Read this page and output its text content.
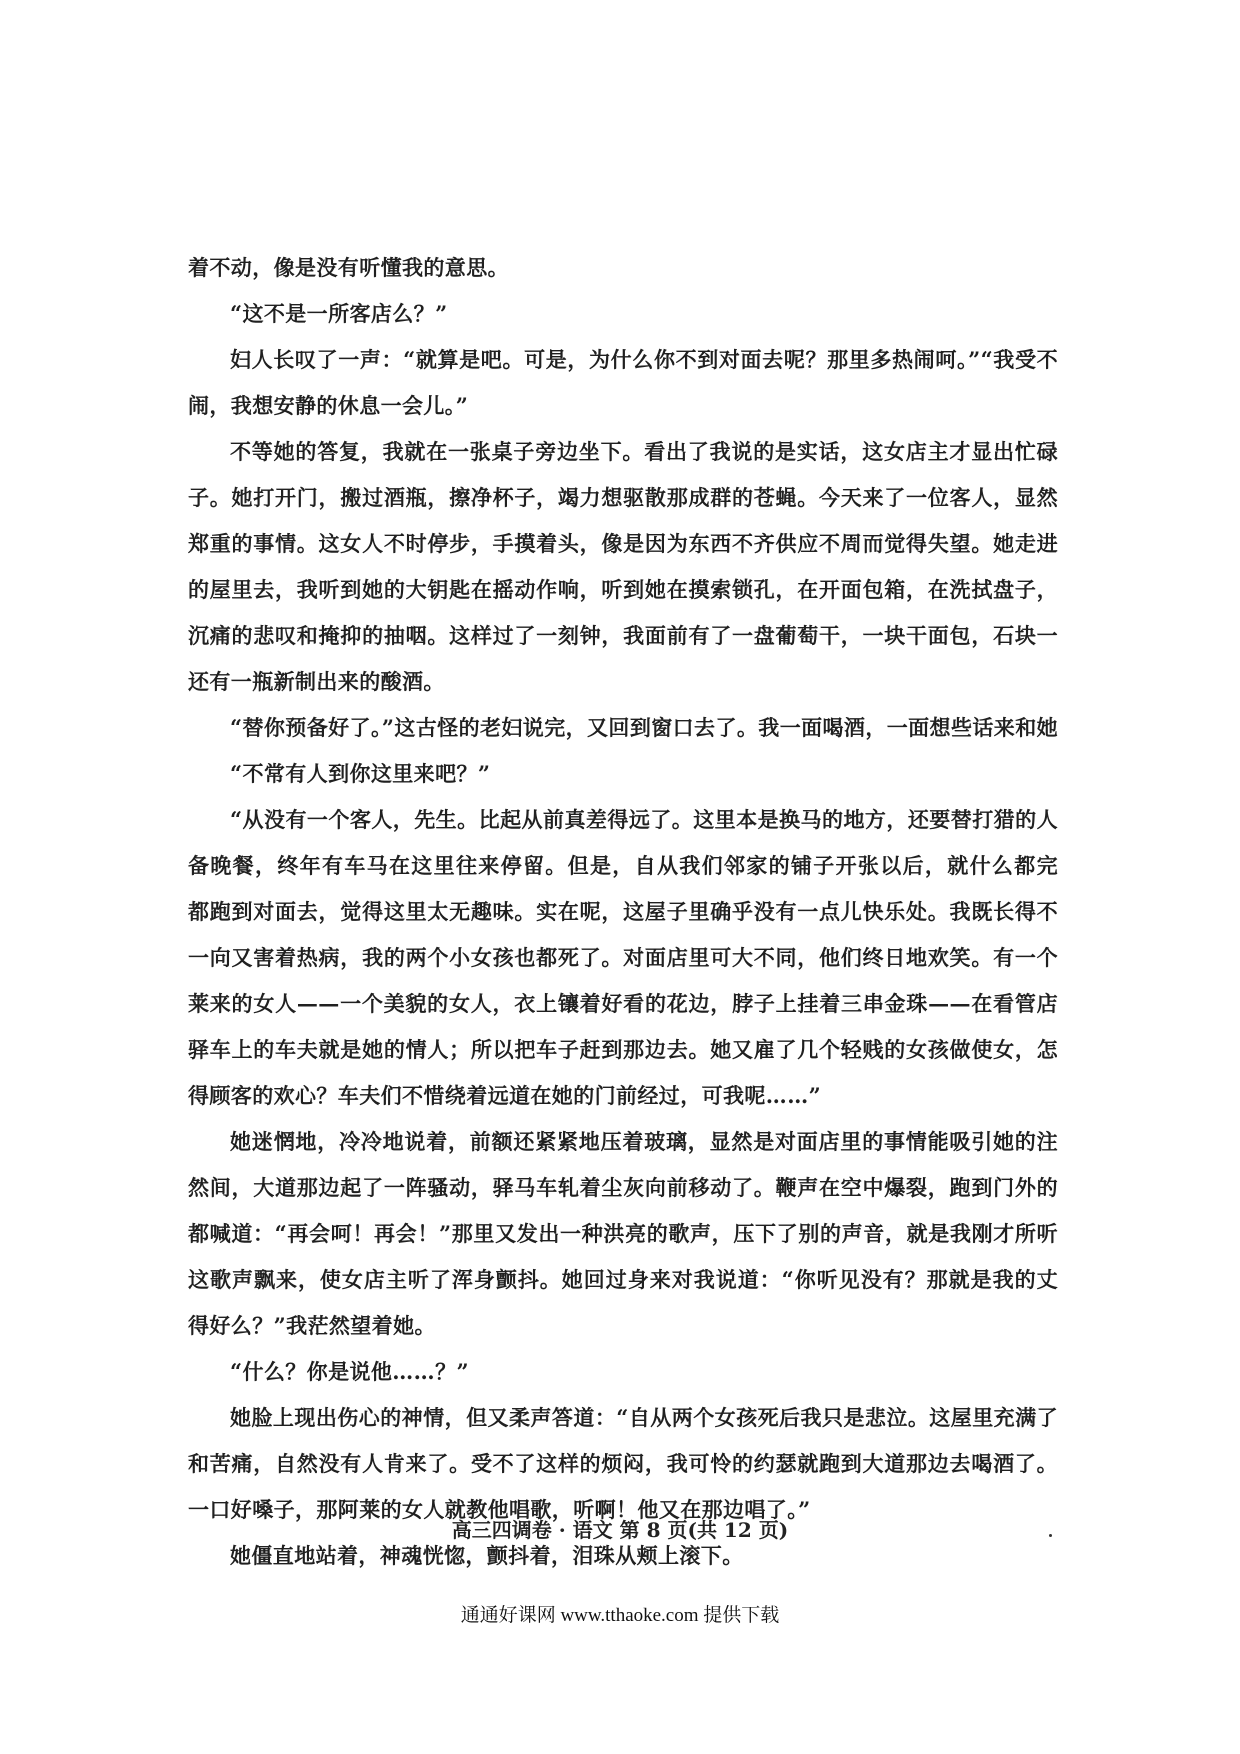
着不动，像是没有听懂我的意思。
“这不是一所客店么？”
妇人长叹了一声：“就算是吧。可是，为什么你不到对面去呢？那里多热闹呵。”“我受不
闹，我想安静的休息一会儿。”
不等她的答复，我就在一张桌子旁边坐下。看出了我说的是实话，这女店主才显出忙碌
子。她打开门，搬过酒瓶，擦净杯子，竭力想驱散那成群的苍蝇。今天来了一位客人，显然
郑重的事情。这女人不时停步，手摸着头，像是因为东西不齐供应不周而觉得失望。她走进
的屋里去，我听到她的大钥匙在摇动作响，听到她在摸索锁孔，在开面包箱，在洗拭盘子，
沉痛的悲叹和掩抑的抽咽。这样过了一刻钟，我面前有了一盘葡萄干，一块干面包，石块一
还有一瓶新制出来的酸酒。
“替你预备好了。”这古怪的老妇说完，又回到窗口去了。我一面喝酒，一面想些话来和她
“不常有人到你这里来吧？”
“从没有一个客人，先生。比起从前真差得远了。这里本是换马的地方，还要替打猎的人
备晚餐，终年有车马在这里往来停留。但是，自从我们邻家的铺子开张以后，就什么都完
都跑到对面去，觉得这里太无趣味。实在呢，这屋子里确乎没有一点儿快乐处。我既长得不
一向又害着热病，我的两个小女孩也都死了。对面店里可大不同，他们终日地欢笑。有一个
莱来的女人——一个美貌的女人，衣上镶着好看的花边，脖子上挂着三串金珠——在看管店
驿车上的车夫就是她的情人；所以把车子赶到那边去。她又雇了几个轻贱的女孩做使女，怎
得顾客的欢心？车夫们不惜绕着远道在她的门前经过，可我呢……”
她迷惘地，冷冷地说着，前额还紧紧地压着玻璃，显然是对面店里的事情能吸引她的注
然间，大道那边起了一阵骚动，驿马车轧着尘灰向前移动了。鞭声在空中爆裂，跑到门外的
都喊道：“再会呵！再会！”那里又发出一种洪亮的歌声，压下了别的声音，就是我刚才所听
这歌声飘来，使女店主听了浑身颤抖。她回过身来对我说道：“你听见没有？那就是我的丈
得好么？”我茫然望着她。
“什么？你是说他……？”
她脸上现出伤心的神情，但又柔声答道：“自从两个女孩死后我只是悲泣。这屋里充满了
和苦痛，自然没有人肯来了。受不了这样的烦闷，我可怜的约瑟就跑到大道那边去喝酒了。
一口好嗓子，那阿莱的女人就教他唱歌，听啊！他又在那边唱了。”
她僵直地站着，神魂恍惚，颤抖着，泪珠从颊上滚下。
高三四调卷 · 语文 第 8 页(共 12 页)
通通好课网 www.tthaoke.com 提供下载
